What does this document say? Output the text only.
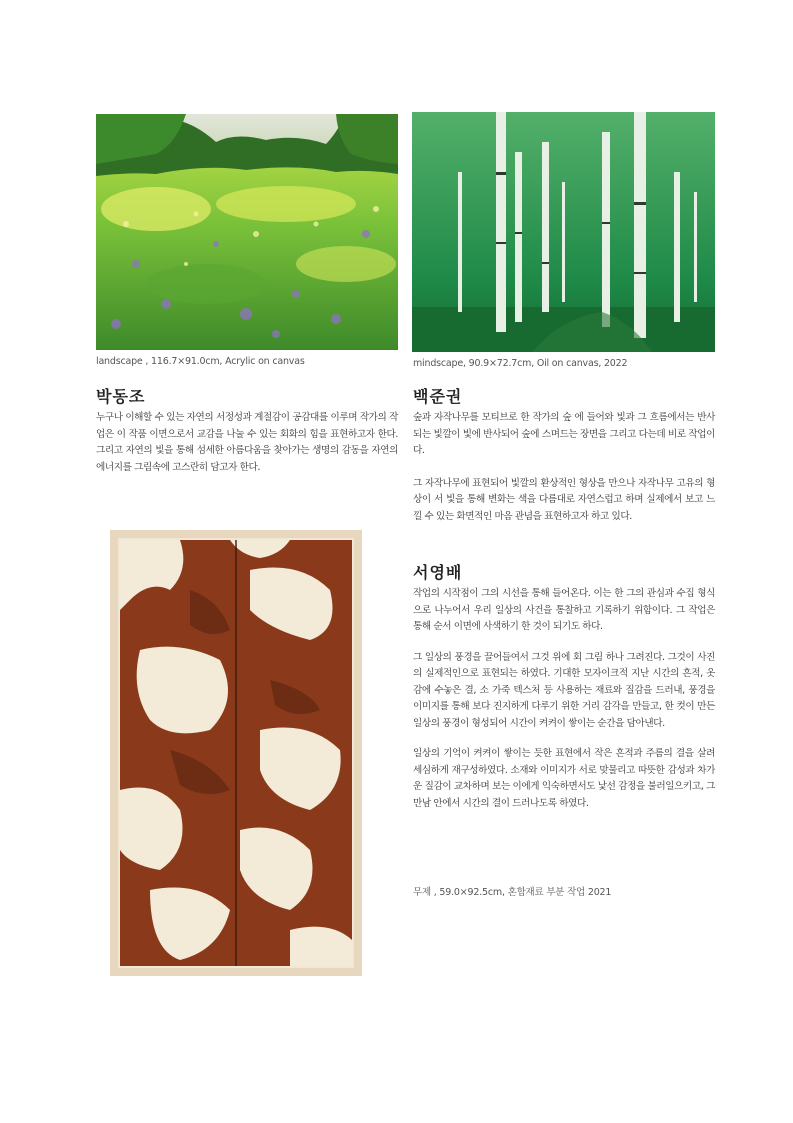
landscape , 116.7×91.0cm, Acrylic on canvas	mindscape, 90.9×72.7cm, Oil on canvas, 2022
박동조

누구나 이해할 수 있는 자연의 서정성과 계절감이 공감대를 이루며 작가의 작업은 이 작품 이면으로서 교감을 나눌 수 있는 회화의 힘을 표현하고자 한다. 그리고 자연의 빛을 통해 섬세한 아름다움을 찾아가는 생명의 감동을 자연의 에너지를 그림속에 고스란히 담고자 한다.

백준권

숲과 자작나무를 모티브로 한 작가의 숲 에 들어와 빛과 그 흐름에서는 반사되는 빛깔이 빛에 반사되어 숲에 스며드는 장면을 그리고 다는데 비로 작업이다.

그 자작나무에 표현되어 빛깔의 환상적인 형상을 만으나 자작나무 고유의 형상이 서 빛을 통해 변화는 색을 다름대로 자연스럽고 하며 실제에서 보고 느낄 수 있는 화면적인 마음 관념을 표현하고자 하고 있다.

서영배

작업의 시작점이 그의 시선을 통해 들어온다. 이는 한 그의 관심과 수집 형식으로 나누어서 우리 일상의 사건을 통찰하고 기록하기 위함이다. 그 작업은 통해 순서 이면에 사색하기 한 것이 되기도 하다.

그 일상의 풍경을 끌어들여서 그것 위에 회 그림 하나 그려진다. 그것이 사진의 실제적인으로 표현되는 하였다. 기대한 모자이크적 지난 시간의 흔적, 옷감에 수놓은 결, 소 가죽 텍스처 등 사용하는 재료와 질감을 드러내, 풍경을 이미지를 통해 보다 진지하게 다루기 위한 거리 감각을 만들고, 한 컷이 만든 일상의 풍경이 형성되어 시간이 켜켜이 쌓이는 순간을 담아낸다.

일상의 기억이 켜켜이 쌓이는 듯한 표현에서 작은 흔적과 주름의 결을 살려 세심하게 재구성하였다. 소재와 이미지가 서로 맞물리고 따뜻한 감성과 차가운 질감이 교차하며 보는 이에게 익숙하면서도 낯선 감정을 불러일으키고, 그 만남 안에서 시간의 결이 드러나도록 하였다.

무제 , 59.0×92.5cm, 혼합재료 부분 작업 2021
